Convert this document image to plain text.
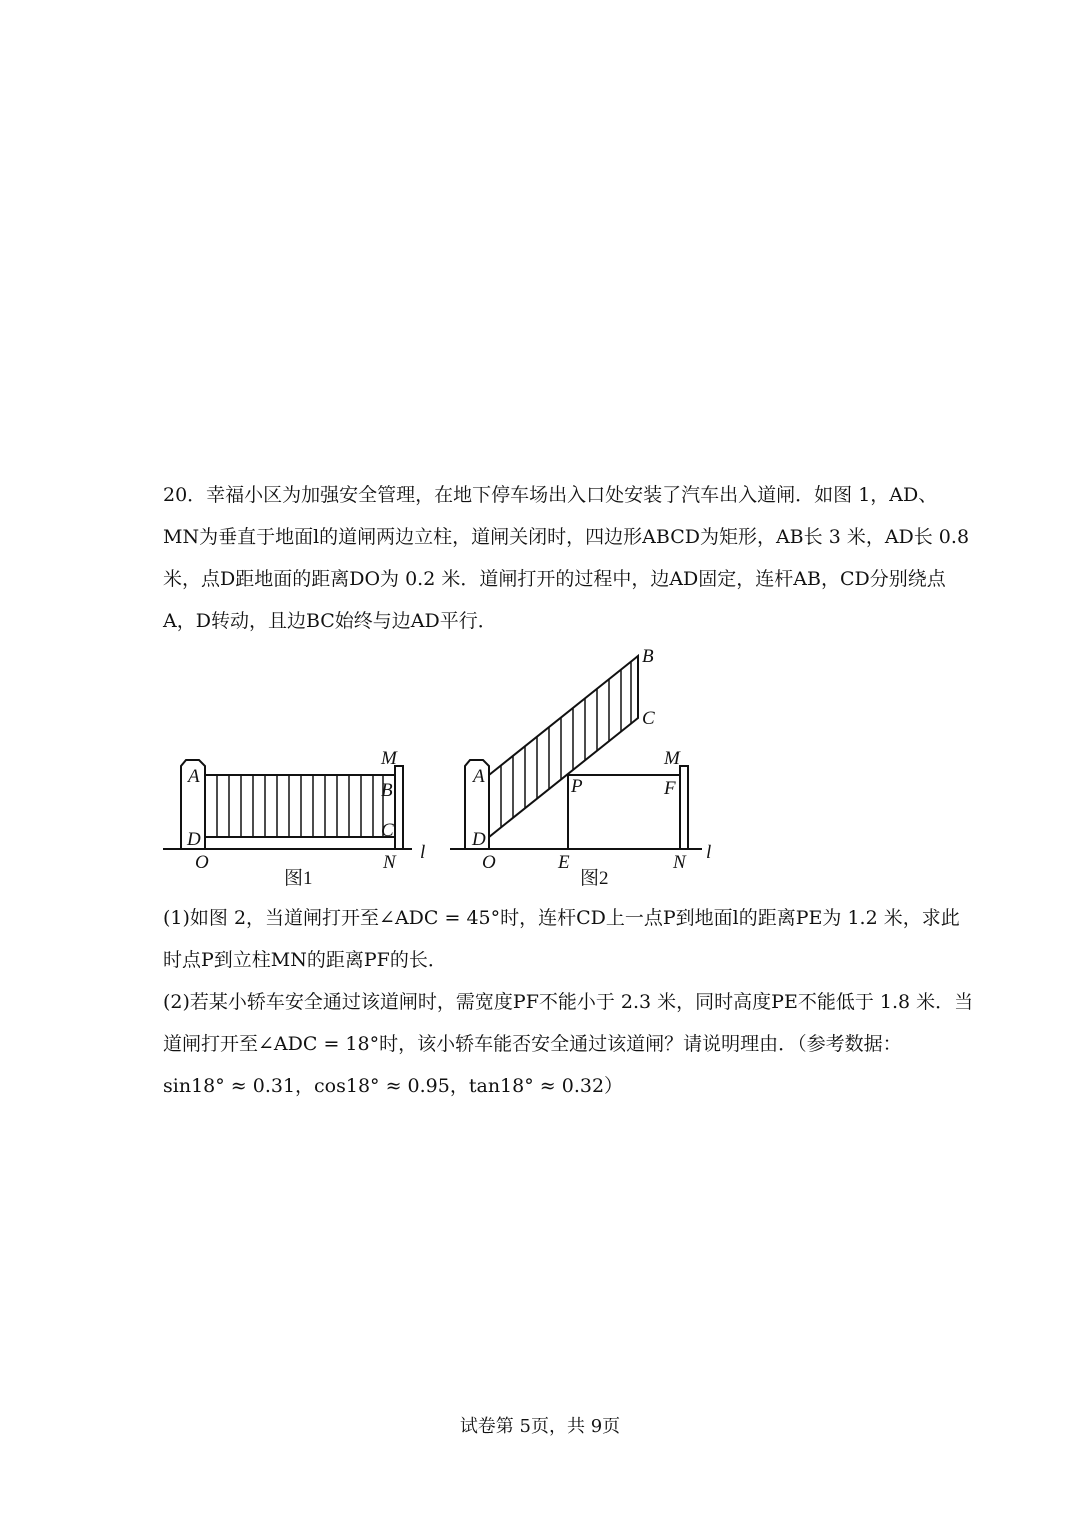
20．幸福小区为加强安全管理，在地下停车场出入口处安装了汽车出入道闸．如图 1，AD、
MN为垂直于地面l的道闸两边立柱，道闸关闭时，四边形ABCD为矩形，AB长 3 米，AD长 0.8
米，点D距地面的距离DO为 0.2 米．道闸打开的过程中，边AD固定，连杆AB，CD分别绕点
A，D转动，且边BC始终与边AD平行．
A
D
O
M
B
C
N l
图1
A
D
O
B
C
P
E
M
F
N l
图2
(1)如图 2，当道闸打开至∠ADC = 45°时，连杆CD上一点P到地面l的距离PE为 1.2 米，求此
时点P到立柱MN的距离PF的长．
(2)若某小轿车安全通过该道闸时，需宽度PF不能小于 2.3 米，同时高度PE不能低于 1.8 米．当
道闸打开至∠ADC = 18°时，该小轿车能否安全通过该道闸？请说明理由．（参考数据：
sin18° ≈ 0.31，cos18° ≈ 0.95，tan18° ≈ 0.32）
试卷第 5页，共 9页
